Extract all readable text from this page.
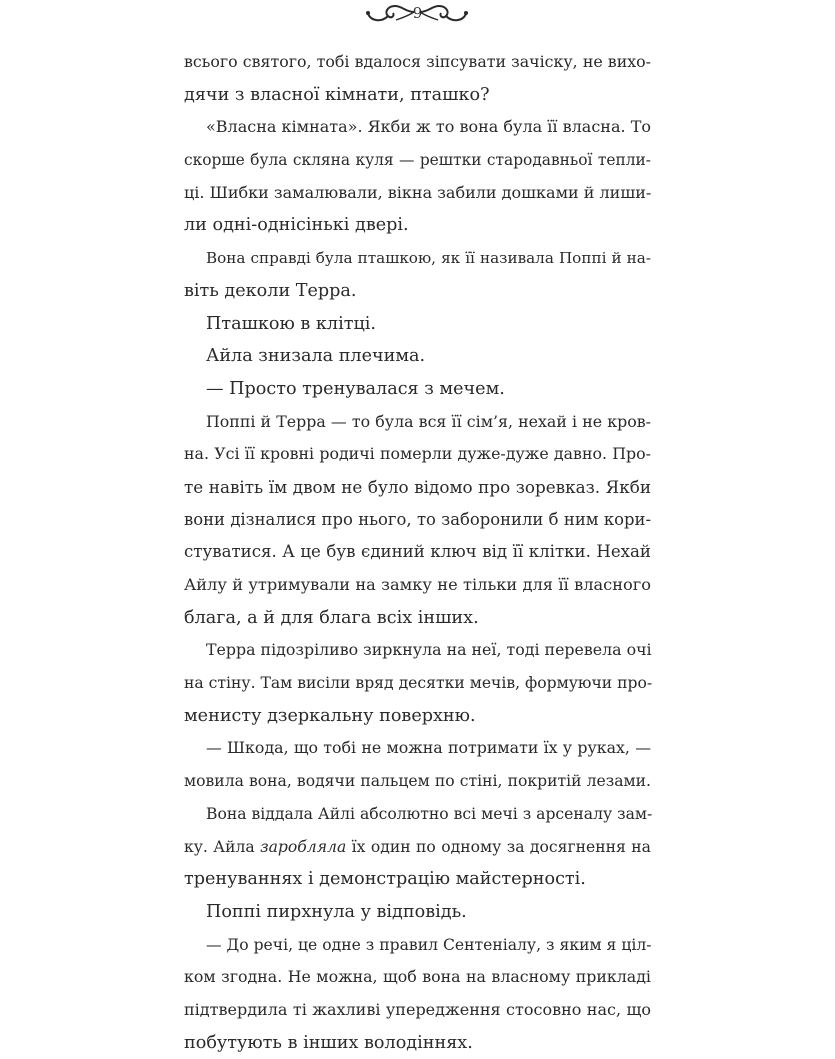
9
всього святого, тобі вдалося зіпсувати зачіску, не вихо-
дячи з власної кімнати, пташко?
«Власна кімната». Якби ж то вона була її власна. То
скорше була скляна куля — рештки стародавньої тепли-
ці. Шибки замалювали, вікна забили дошками й лиши-
ли одні-однісінькі двері.
Вона справді була пташкою, як її називала Поппі й на-
віть деколи Терра.
Пташкою в клітці.
Айла знизала плечима.
— Просто тренувалася з мечем.
Поппі й Терра — то була вся її сім’я, нехай і не кров-
на. Усі її кровні родичі померли дуже-дуже давно. Про-
те навіть їм двом не було відомо про зоревказ. Якби
вони дізналися про нього, то заборонили б ним кори-
стуватися. А це був єдиний ключ від її клітки. Нехай
Айлу й утримували на замку не тільки для її власного
блага, а й для блага всіх інших.
Терра підозріливо зиркнула на неї, тоді перевела очі
на стіну. Там висіли вряд десятки мечів, формуючи про-
менисту дзеркальну поверхню.
— Шкода, що тобі не можна потримати їх у руках, —
мовила вона, водячи пальцем по стіні, покритій лезами.
Вона віддала Айлі абсолютно всі мечі з арсеналу зам-
ку. Айла заробляла їх один по одному за досягнення на
тренуваннях і демонстрацію майстерності.
Поппі пирхнула у відповідь.
— До речі, це одне з правил Сентеніалу, з яким я ціл-
ком згодна. Не можна, щоб вона на власному прикладі
підтвердила ті жахливі упередження стосовно нас, що
побутують в інших володіннях.
